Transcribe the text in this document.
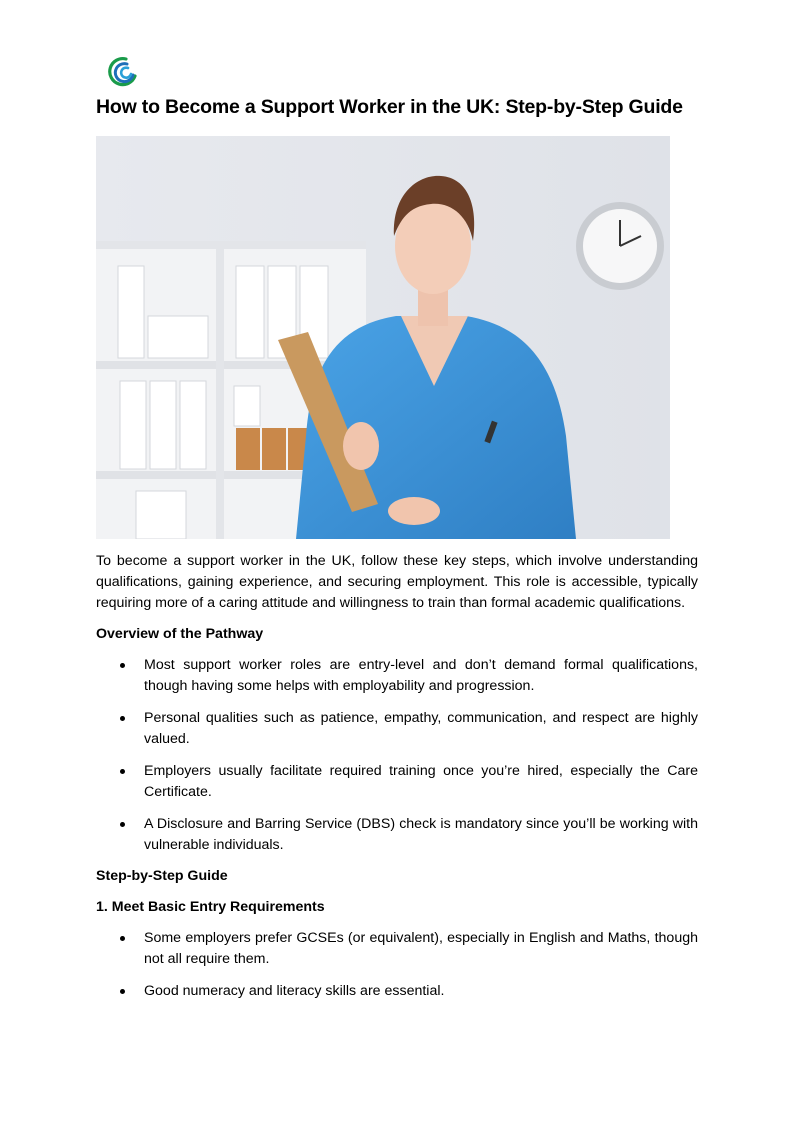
How to Become a Support Worker in the UK: Step-by-Step Guide

To become a support worker in the UK, follow these key steps, which involve understanding qualifications, gaining experience, and securing employment. This role is accessible, typically requiring more of a caring attitude and willingness to train than formal academic qualifications.

Overview of the Pathway

Most support worker roles are entry-level and don’t demand formal qualifications, though having some helps with employability and progression.
Personal qualities such as patience, empathy, communication, and respect are highly valued.
Employers usually facilitate required training once you’re hired, especially the Care Certificate.
A Disclosure and Barring Service (DBS) check is mandatory since you’ll be working with vulnerable individuals.

Step-by-Step Guide

1. Meet Basic Entry Requirements

Some employers prefer GCSEs (or equivalent), especially in English and Maths, though not all require them.
Good numeracy and literacy skills are essential.
